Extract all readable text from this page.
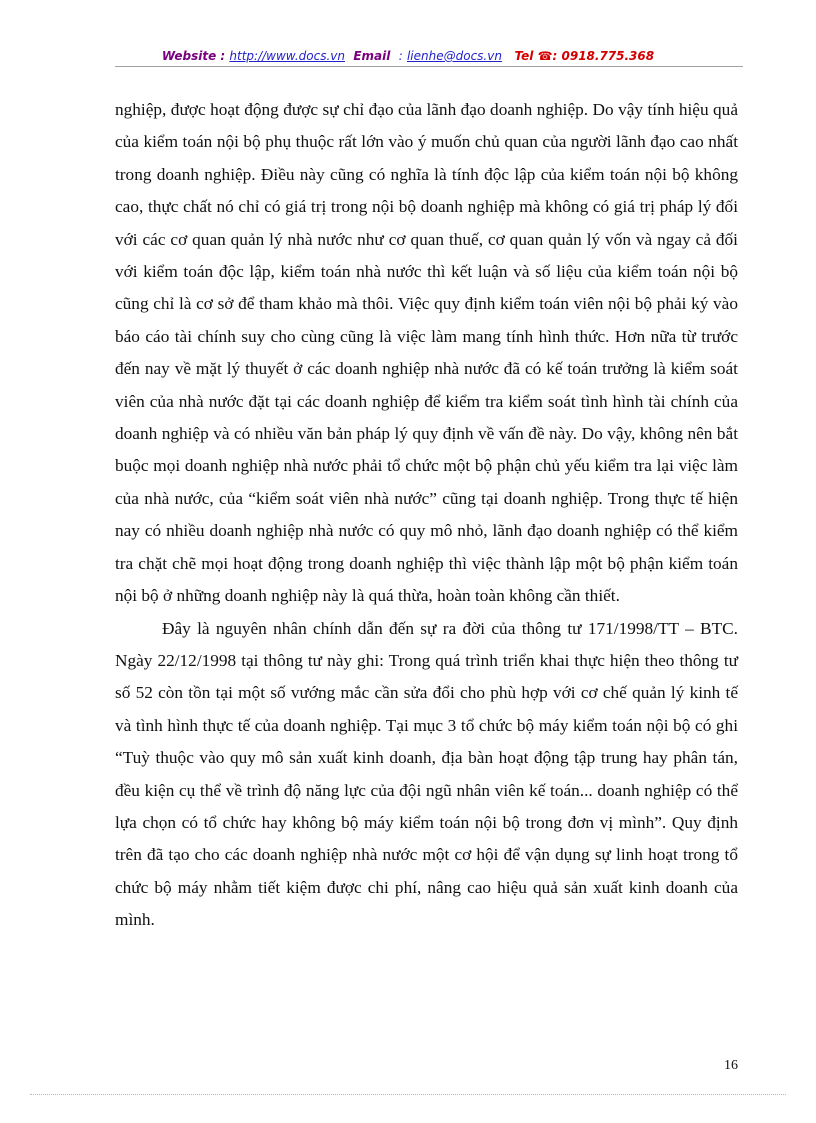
Website : http://www.docs.vn Email : lienhe@docs.vn Tel ☎: 0918.775.368

nghiệp, được hoạt động được sự chỉ đạo của lãnh đạo doanh nghiệp. Do vậy tính hiệu quả của kiểm toán nội bộ phụ thuộc rất lớn vào ý muốn chủ quan của người lãnh đạo cao nhất trong doanh nghiệp. Điều này cũng có nghĩa là tính độc lập của kiểm toán nội bộ không cao, thực chất nó chỉ có giá trị trong nội bộ doanh nghiệp mà không có giá trị pháp lý đối với các cơ quan quản lý nhà nước như cơ quan thuế, cơ quan quản lý vốn và ngay cả đối với kiểm toán độc lập, kiểm toán nhà nước thì kết luận và số liệu của kiểm toán nội bộ cũng chỉ là cơ sở để tham khảo mà thôi. Việc quy định kiểm toán viên nội bộ phải ký vào báo cáo tài chính suy cho cùng cũng là việc làm mang tính hình thức. Hơn nữa từ trước đến nay về mặt lý thuyết ở các doanh nghiệp nhà nước đã có kế toán trưởng là kiểm soát viên của nhà nước đặt tại các doanh nghiệp để kiểm tra kiểm soát tình hình tài chính của doanh nghiệp và có nhiều văn bản pháp lý quy định về vấn đề này. Do vậy, không nên bắt buộc mọi doanh nghiệp nhà nước phải tổ chức một bộ phận chủ yếu kiểm tra lại việc làm của nhà nước, của “kiểm soát viên nhà nước” cũng tại doanh nghiệp. Trong thực tế hiện nay có nhiều doanh nghiệp nhà nước có quy mô nhỏ, lãnh đạo doanh nghiệp có thể kiểm tra chặt chẽ mọi hoạt động trong doanh nghiệp thì việc thành lập một bộ phận kiểm toán nội bộ ở những doanh nghiệp này là quá thừa, hoàn toàn không cần thiết.

Đây là nguyên nhân chính dẫn đến sự ra đời của thông tư 171/1998/TT – BTC. Ngày 22/12/1998 tại thông tư này ghi: Trong quá trình triển khai thực hiện theo thông tư số 52 còn tồn tại một số vướng mắc cần sửa đổi cho phù hợp với cơ chế quản lý kinh tế và tình hình thực tế của doanh nghiệp. Tại mục 3 tổ chức bộ máy kiểm toán nội bộ có ghi “Tuỳ thuộc vào quy mô sản xuất kinh doanh, địa bàn hoạt động tập trung hay phân tán, đều kiện cụ thể về trình độ năng lực của đội ngũ nhân viên kế toán... doanh nghiệp có thể lựa chọn có tổ chức hay không bộ máy kiểm toán nội bộ trong đơn vị mình”. Quy định trên đã tạo cho các doanh nghiệp nhà nước một cơ hội để vận dụng sự linh hoạt trong tổ chức bộ máy nhằm tiết kiệm được chi phí, nâng cao hiệu quả sản xuất kinh doanh của mình.

16
